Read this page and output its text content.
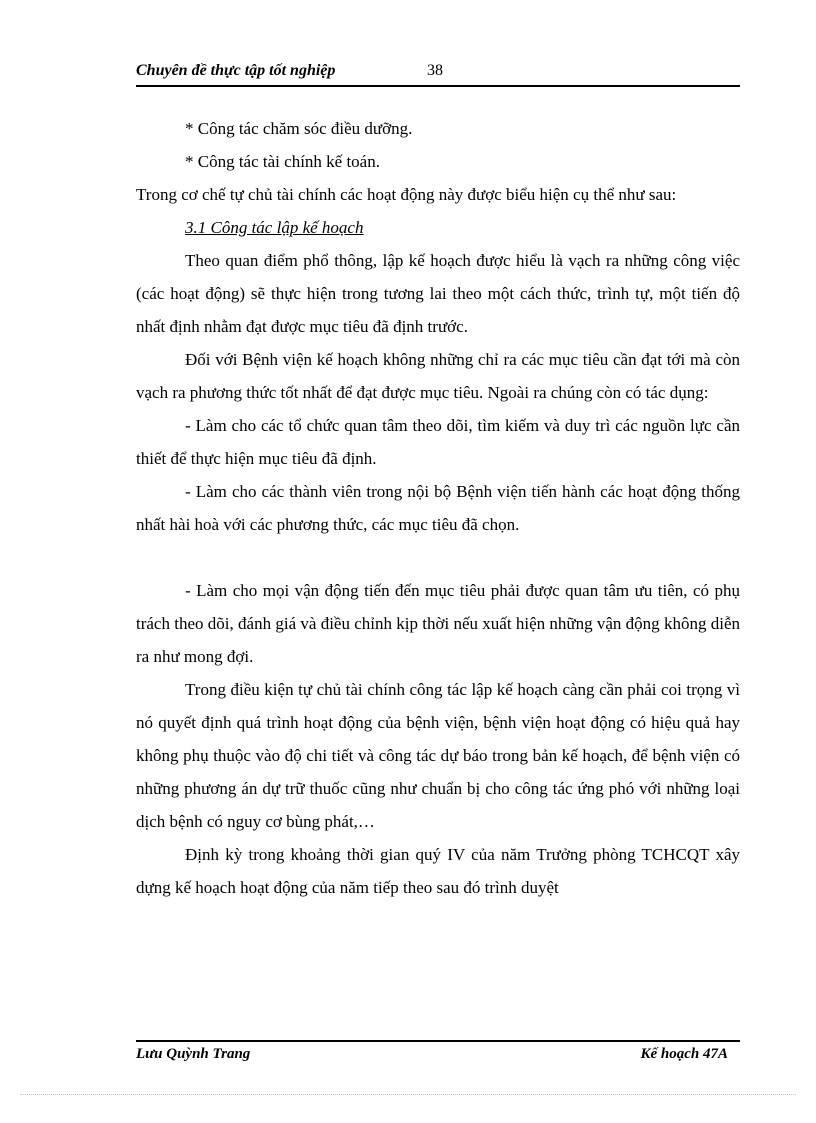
Chuyên đề thực tập tốt nghiệp	38

* Công tác chăm sóc điều dưỡng.

* Công tác tài chính kế toán.

Trong cơ chế tự chủ tài chính các hoạt động này được biểu hiện cụ thể như sau:

3.1 Công tác lập kế hoạch

Theo quan điểm phổ thông, lập kế hoạch được hiểu là vạch ra những công việc (các hoạt động) sẽ thực hiện trong tương lai theo một cách thức, trình tự, một tiến độ nhất định nhằm đạt được mục tiêu đã định trước.

Đối với Bệnh viện kế hoạch không những chỉ ra các mục tiêu cần đạt tới mà còn vạch ra phương thức tốt nhất để đạt được mục tiêu. Ngoài ra chúng còn có tác dụng:

- Làm cho các tổ chức quan tâm theo dõi, tìm kiếm và duy trì các nguồn lực cần thiết để thực hiện mục tiêu đã định.

- Làm cho các thành viên trong nội bộ Bệnh viện tiến hành các hoạt động thống nhất hài hoà với các phương thức, các mục tiêu đã chọn.

- Làm cho mọi vận động tiến đến mục tiêu phải được quan tâm ưu tiên, có phụ trách theo dõi, đánh giá và điều chỉnh kịp thời nếu xuất hiện những vận động không diễn ra như mong đợi.

Trong điều kiện tự chủ tài chính công tác lập kế hoạch càng cần phải coi trọng vì nó quyết định quá trình hoạt động của bệnh viện, bệnh viện hoạt động có hiệu quả hay không phụ thuộc vào độ chi tiết và công tác dự báo trong bản kế hoạch, để bệnh viện có những phương án dự trữ thuốc cũng như chuẩn bị cho công tác ứng phó với những loại dịch bệnh có nguy cơ bùng phát,…

Định kỳ trong khoảng thời gian quý IV của năm Trưởng phòng TCHCQT xây dựng kế hoạch hoạt động của năm tiếp theo sau đó trình duyệt

Lưu Quỳnh Trang	Kế hoạch 47A
